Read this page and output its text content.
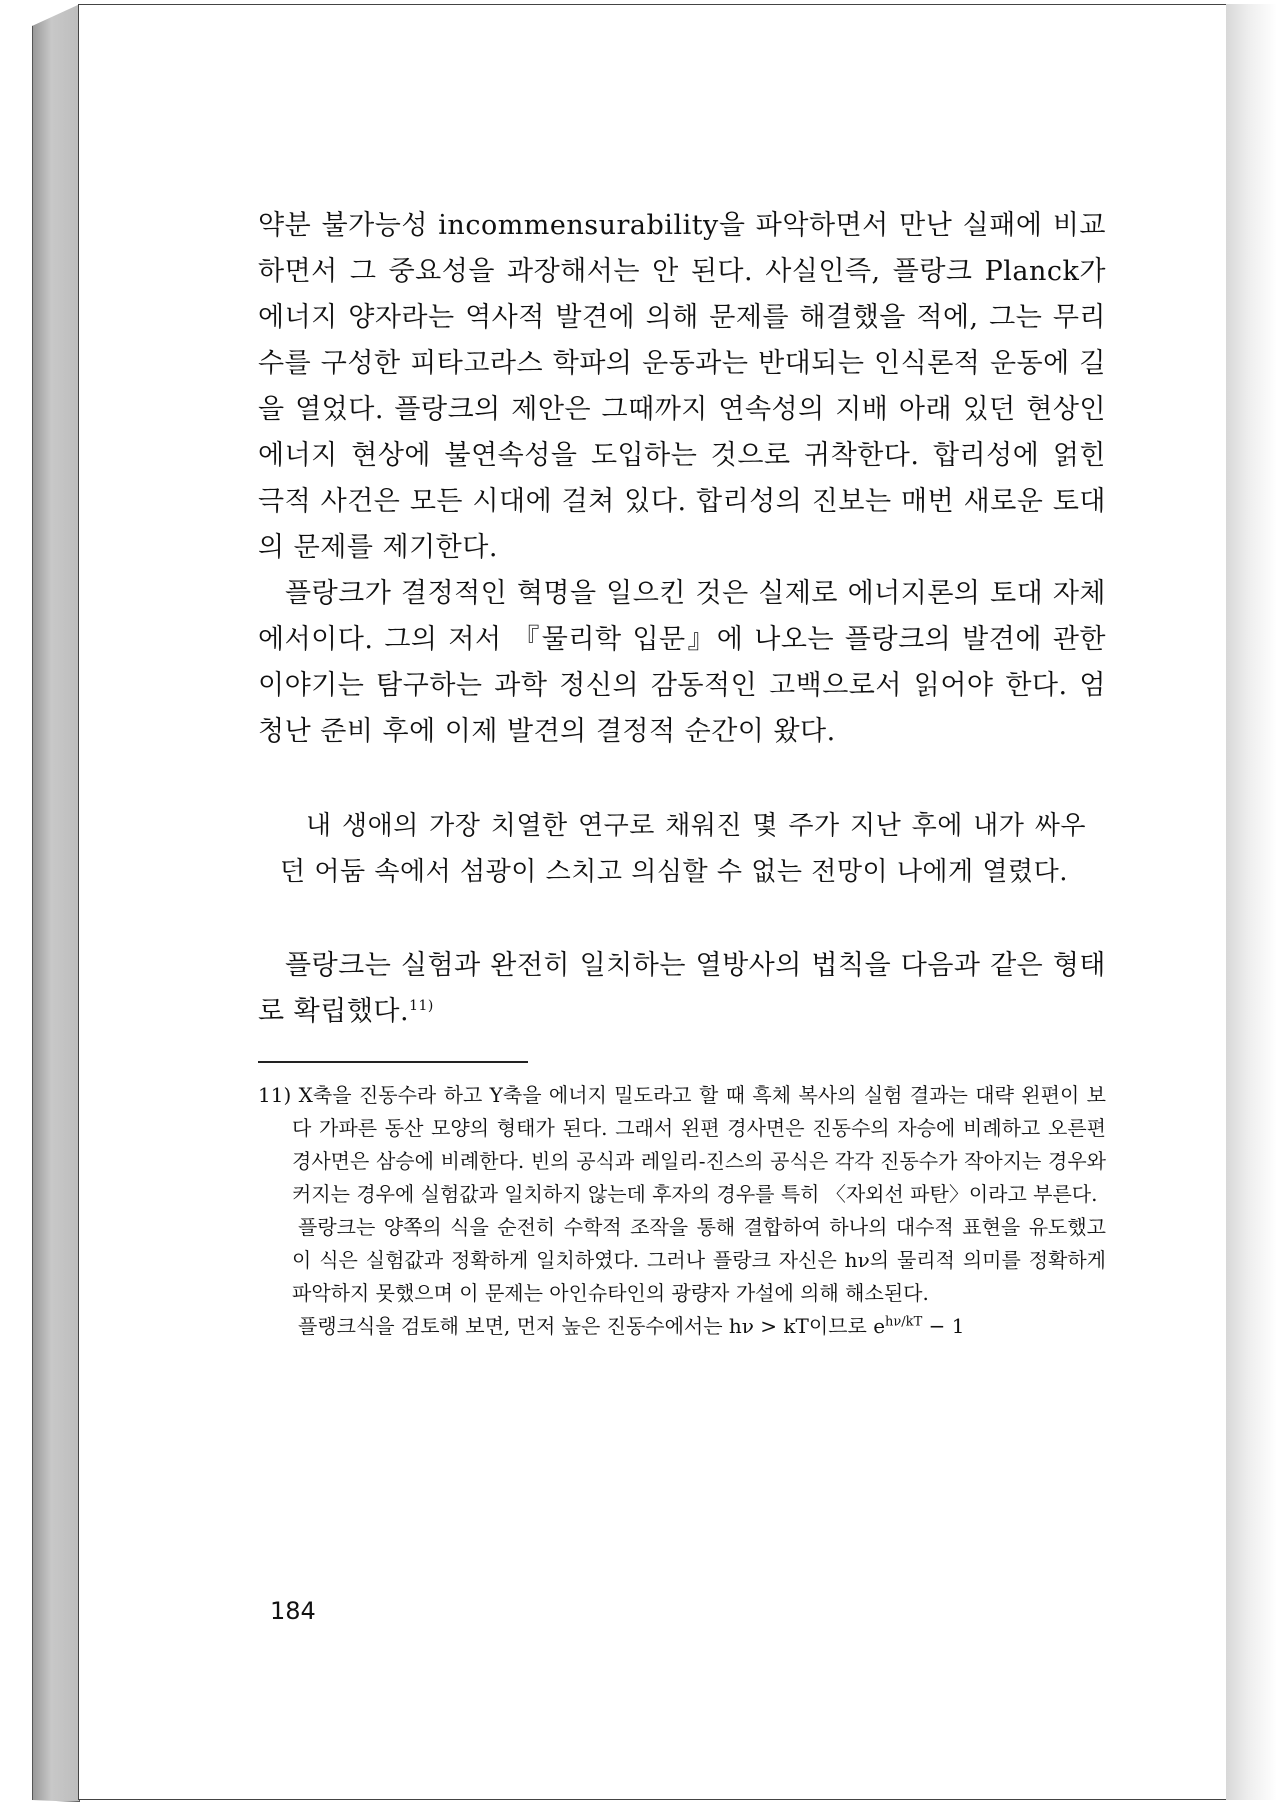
약분 불가능성 incommensurability을 파악하면서 만난 실패에 비교하면서 그 중요성을 과장해서는 안 된다. 사실인즉, 플랑크 Planck가 에너지 양자라는 역사적 발견에 의해 문제를 해결했을 적에, 그는 무리수를 구성한 피타고라스 학파의 운동과는 반대되는 인식론적 운동에 길을 열었다. 플랑크의 제안은 그때까지 연속성의 지배 아래 있던 현상인 에너지 현상에 불연속성을 도입하는 것으로 귀착한다. 합리성에 얽힌 극적 사건은 모든 시대에 걸쳐 있다. 합리성의 진보는 매번 새로운 토대의 문제를 제기한다.

플랑크가 결정적인 혁명을 일으킨 것은 실제로 에너지론의 토대 자체에서이다. 그의 저서 『물리학 입문』에 나오는 플랑크의 발견에 관한 이야기는 탐구하는 과학 정신의 감동적인 고백으로서 읽어야 한다. 엄청난 준비 후에 이제 발견의 결정적 순간이 왔다.

내 생애의 가장 치열한 연구로 채워진 몇 주가 지난 후에 내가 싸우던 어둠 속에서 섬광이 스치고 의심할 수 없는 전망이 나에게 열렸다.

플랑크는 실험과 완전히 일치하는 열방사의 법칙을 다음과 같은 형태로 확립했다.$^{11)}$

11) X축을 진동수라 하고 Y축을 에너지 밀도라고 할 때 흑체 복사의 실험 결과는 대략 왼편이 보다 가파른 동산 모양의 형태가 된다. 그래서 왼편 경사면은 진동수의 자승에 비례하고 오른편 경사면은 삼승에 비례한다. 빈의 공식과 레일리-진스의 공식은 각각 진동수가 작아지는 경우와 커지는 경우에 실험값과 일치하지 않는데 후자의 경우를 특히 〈자외선 파탄〉이라고 부른다.

플랑크는 양쪽의 식을 순전히 수학적 조작을 통해 결합하여 하나의 대수적 표현을 유도했고 이 식은 실험값과 정확하게 일치하였다. 그러나 플랑크 자신은 hν의 물리적 의미를 정확하게 파악하지 못했으며 이 문제는 아인슈타인의 광량자 가설에 의해 해소된다.

플랭크식을 검토해 보면, 먼저 높은 진동수에서는 hν > kT이므로 $e^{h\nu/kT} - 1$

184
